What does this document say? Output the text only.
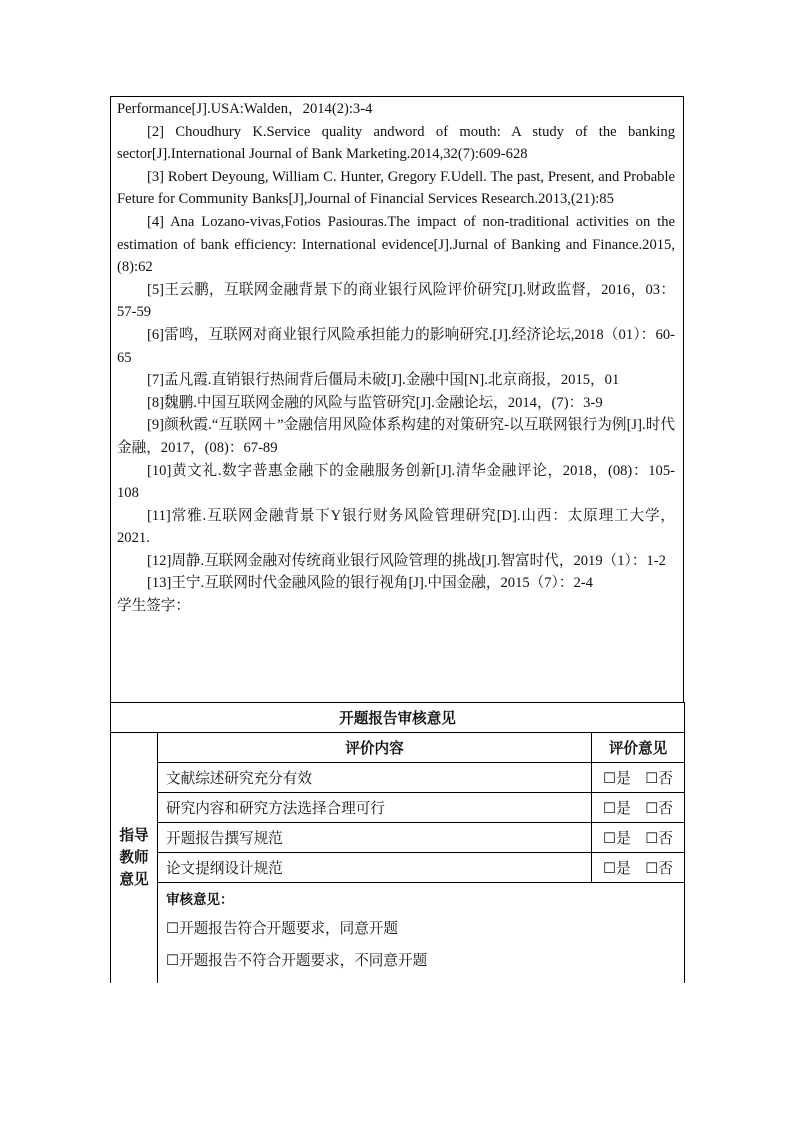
Performance[J].USA:Walden，2014(2):3-4

[2] Choudhury K.Service quality andword of mouth: A study of the banking sector[J].International Journal of Bank Marketing.2014,32(7):609-628

[3] Robert Deyoung, William C. Hunter, Gregory F.Udell. The past, Present, and Probable Feture for Community Banks[J],Journal of Financial Services Research.2013,(21):85

[4] Ana Lozano-vivas,Fotios Pasiouras.The impact of non-traditional activities on the estimation of bank efficiency: International evidence[J].Jurnal of Banking and Finance.2015,(8):62

[5]王云鹏，互联网金融背景下的商业银行风险评价研究[J].财政监督，2016，03：57-59

[6]雷鸣，互联网对商业银行风险承担能力的影响研究.[J].经济论坛,2018（01）：60-65

[7]孟凡霞.直销银行热闹背后僵局未破[J].金融中国[N].北京商报，2015，01

[8]魏鹏.中国互联网金融的风险与监管研究[J].金融论坛，2014，(7)：3-9

[9]颜秋霞.“互联网＋”金融信用风险体系构建的对策研究-以互联网银行为例[J].时代金融，2017，(08)：67-89

[10]黄文礼.数字普惠金融下的金融服务创新[J].清华金融评论，2018，(08)：105-108

[11]常雅.互联网金融背景下Y银行财务风险管理研究[D].山西：太原理工大学，2021.

[12]周静.互联网金融对传统商业银行风险管理的挑战[J].智富时代，2019（1）：1-2

[13]王宁.互联网时代金融风险的银行视角[J].中国金融，2015（7）：2-4

学生签字：

开题报告审核意见		
指导教师意见	评价内容	评价意见
	文献综述研究充分有效	☐是　☐否
	研究内容和研究方法选择合理可行	☐是　☐否
	开题报告撰写规范	☐是　☐否
	论文提纲设计规范	☐是　☐否

	审核意见：
☐开题报告符合开题要求，同意开题
☐开题报告不符合开题要求，不同意开题	
